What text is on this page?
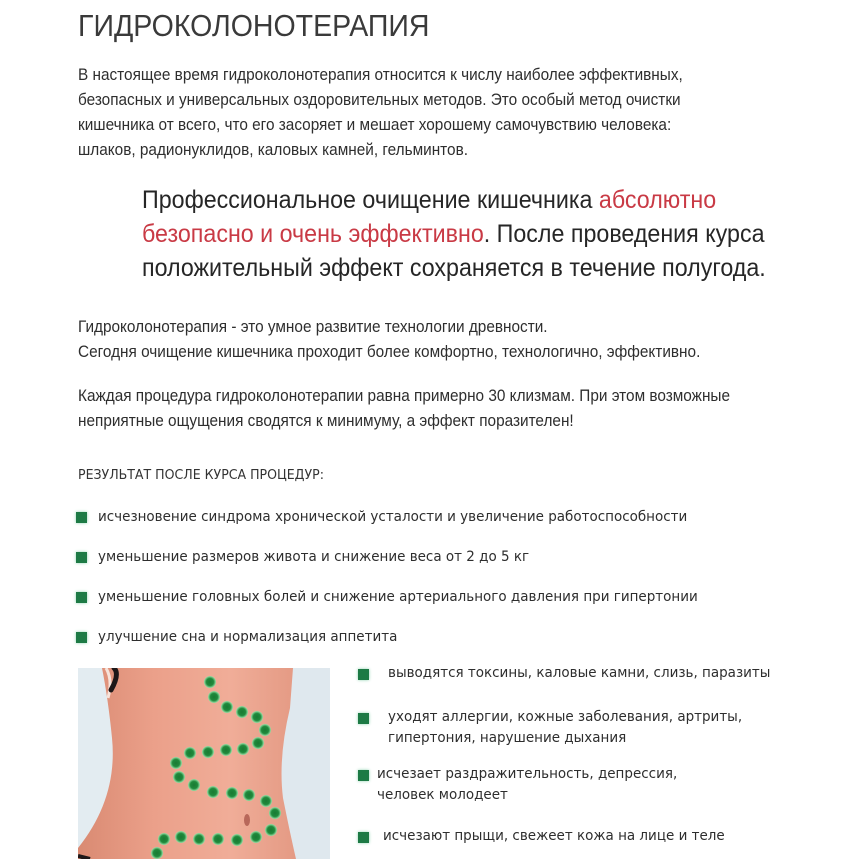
ГИДРОКОЛОНОТЕРАПИЯ
В настоящее время гидроколонотерапия относится к числу наиболее эффективных,
безопасных и универсальных оздоровительных методов. Это особый метод очистки
кишечника от всего, что его засоряет и мешает хорошему самочувствию человека:
шлаков, радионуклидов, каловых камней, гельминтов.
Профессиональное очищение кишечника абсолютно
безопасно и очень эффективно. После проведения курса
положительный эффект сохраняется в течение полугода.
Гидроколонотерапия - это умное развитие технологии древности.
Сегодня очищение кишечника проходит более комфортно, технологично, эффективно.
Каждая процедура гидроколонотерапии равна примерно 30 клизмам. При этом возможные
неприятные ощущения сводятся к минимуму, а эффект поразителен!
РЕЗУЛЬТАТ ПОСЛЕ КУРСА ПРОЦЕДУР:
исчезновение синдрома хронической усталости и увеличение работоспособности
уменьшение размеров живота и снижение веса от 2 до 5 кг
уменьшение головных болей и снижение артериального давления при гипертонии
улучшение сна и нормализация аппетита
выводятся токсины, каловые камни, слизь, паразиты
уходят аллергии, кожные заболевания, артриты,
гипертония, нарушение дыхания
исчезает раздражительность, депрессия,
человек молодеет
исчезают прыщи, свежеет кожа на лице и теле
